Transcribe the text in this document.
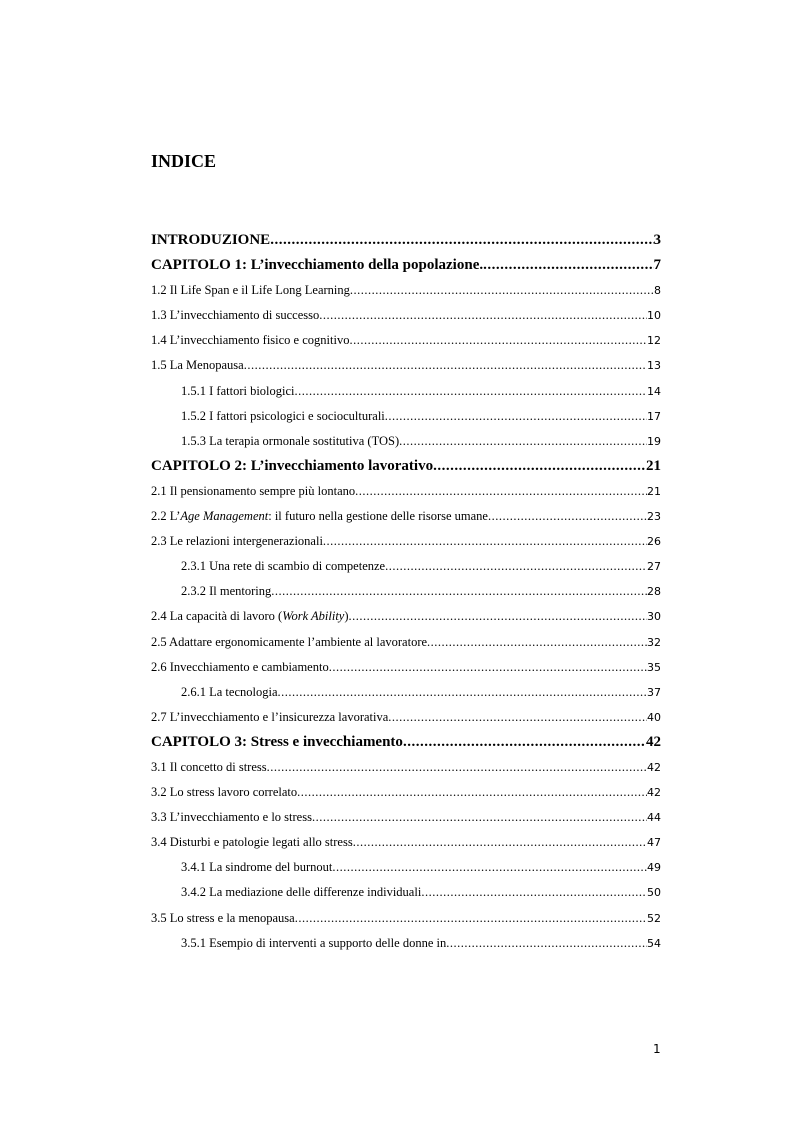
INDICE
INTRODUZIONE .....	3
CAPITOLO 1: L’invecchiamento della popolazione. .....	7
1.2 Il Life Span e il Life Long Learning .....	8
1.3 L’invecchiamento di successo .....	10
1.4 L’invecchiamento fisico e cognitivo .....	12
1.5 La Menopausa .....	13
1.5.1 I fattori biologici .....	14
1.5.2 I fattori psicologici e socioculturali .....	17
1.5.3 La terapia ormonale sostitutiva (TOS) .....	19
CAPITOLO 2: L’invecchiamento lavorativo .....	21
2.1 Il pensionamento sempre più lontano .....	21
2.2 L’Age Management: il futuro nella gestione delle risorse umane .....	23
2.3 Le relazioni intergenerazionali .....	26
2.3.1 Una rete di scambio di competenze .....	27
2.3.2 Il mentoring .....	28
2.4 La capacità di lavoro (Work Ability) .....	30
2.5 Adattare ergonomicamente l’ambiente al lavoratore .....	32
2.6 Invecchiamento e cambiamento .....	35
2.6.1 La tecnologia .....	37
2.7 L’invecchiamento e l’insicurezza lavorativa .....	40
CAPITOLO 3: Stress e invecchiamento .....	42
3.1 Il concetto di stress .....	42
3.2 Lo stress lavoro correlato .....	42
3.3 L’invecchiamento e lo stress .....	44
3.4 Disturbi e patologie legati allo stress .....	47
3.4.1 La sindrome del burnout .....	49
3.4.2 La mediazione delle differenze individuali .....	50
3.5 Lo stress e la menopausa .....	52
3.5.1 Esempio di interventi a supporto delle donne in .....	54
1
